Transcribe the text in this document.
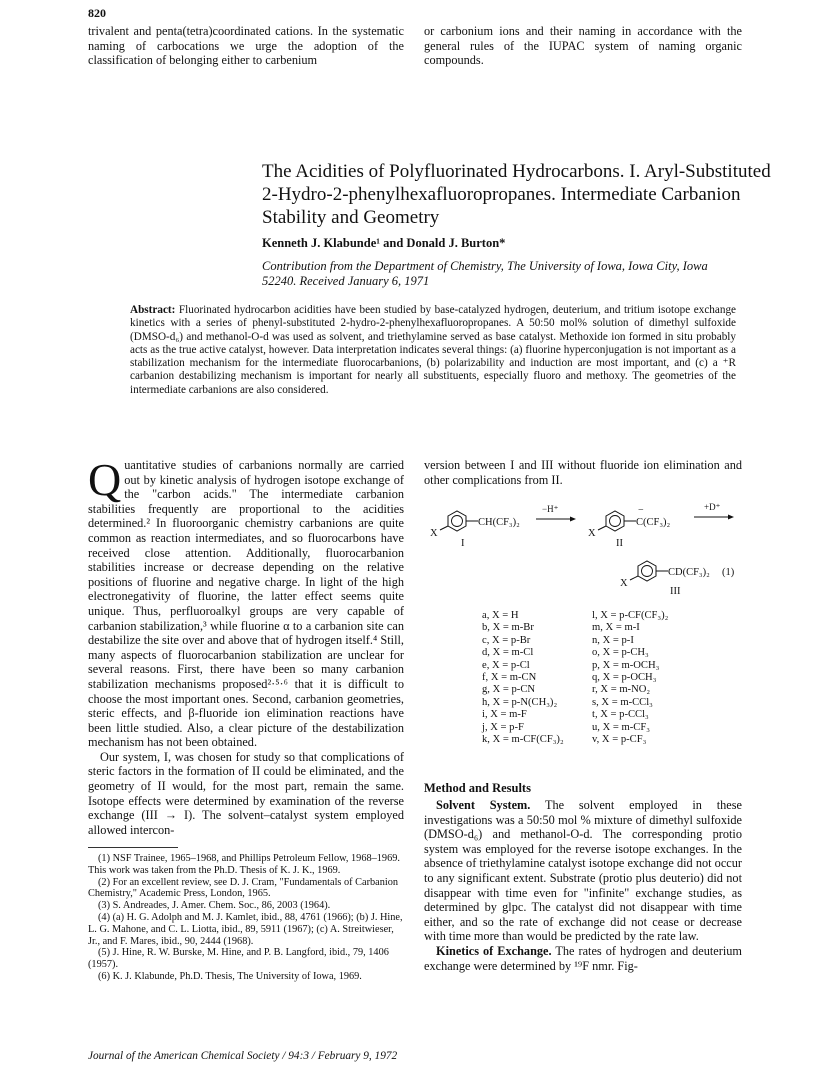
820
trivalent and penta(tetra)coordinated cations. In the systematic naming of carbocations we urge the adoption of the classification of belonging either to carbenium
or carbonium ions and their naming in accordance with the general rules of the IUPAC system of naming organic compounds.
The Acidities of Polyfluorinated Hydrocarbons. I. Aryl-Substituted 2-Hydro-2-phenylhexafluoropropanes. Intermediate Carbanion Stability and Geometry
Kenneth J. Klabunde¹ and Donald J. Burton*
Contribution from the Department of Chemistry, The University of Iowa, Iowa City, Iowa 52240. Received January 6, 1971
Abstract: Fluorinated hydrocarbon acidities have been studied by base-catalyzed hydrogen, deuterium, and tritium isotope exchange kinetics with a series of phenyl-substituted 2-hydro-2-phenylhexafluoropropanes. A 50:50 mol% solution of dimethyl sulfoxide (DMSO-d₆) and methanol-O-d was used as solvent, and triethylamine served as base catalyst. Methoxide ion formed in situ probably acts as the true active catalyst, however. Data interpretation indicates several things: (a) fluorine hyperconjugation is not important as a stabilization mechanism for the intermediate fluorocarbanions, (b) polarizability and induction are most important, and (c) a ⁺R carbanion destabilizing mechanism is important for nearly all substituents, especially fluoro and methoxy. The geometries of the intermediate carbanions are also considered.

Quantitative studies of carbanions normally are carried out by kinetic analysis of hydrogen isotope exchange of the "carbon acids." The intermediate carbanion stabilities frequently are proportional to the acidities determined.² In fluoroorganic chemistry carbanions are quite common as reaction intermediates, and so fluorocarbons have received close attention. Additionally, fluorocarbanion stabilities increase or decrease depending on the relative positions of fluorine and negative charge. In light of the high electronegativity of fluorine, the latter effect seems quite unique. Thus, perfluoroalkyl groups are very capable of carbanion stabilization,³ while fluorine α to a carbanion site can destabilize the site over and above that of hydrogen itself.⁴ Still, many aspects of fluorocarbanion stabilization are unclear for several reasons. First, there have been so many carbanion stabilization mechanisms proposed²·⁵·⁶ that it is difficult to choose the most important ones. Second, carbanion geometries, steric effects, and β-fluoride ion elimination reactions have been little studied. Also, a clear picture of the destabilization mechanism has not been obtained.

Our system, I, was chosen for study so that complications of steric factors in the formation of II could be eliminated, and the geometry of II would, for the most part, remain the same. Isotope effects were determined by examination of the reverse exchange (III → I). The solvent–catalyst system employed allowed intercon-

(1) NSF Trainee, 1965–1968, and Phillips Petroleum Fellow, 1968–1969. This work was taken from the Ph.D. Thesis of K. J. K., 1969.

(2) For an excellent review, see D. J. Cram, "Fundamentals of Carbanion Chemistry," Academic Press, London, 1965.

(3) S. Andreades, J. Amer. Chem. Soc., 86, 2003 (1964).

(4) (a) H. G. Adolph and M. J. Kamlet, ibid., 88, 4761 (1966); (b) J. Hine, L. G. Mahone, and C. L. Liotta, ibid., 89, 5911 (1967); (c) A. Streitwieser, Jr., and F. Mares, ibid., 90, 2444 (1968).

(5) J. Hine, R. W. Burske, M. Hine, and P. B. Langford, ibid., 79, 1406 (1957).

(6) K. J. Klabunde, Ph.D. Thesis, The University of Iowa, 1969.

version between I and III without fluoride ion elimination and other complications from II.
X
CH(CF₃)₂
I
−H⁺
X
−
C(CF₃)₂
II
+D⁺
X
CD(CF₃)₂ (1)
III
a, X = H
b, X = m-Br
c, X = p-Br
d, X = m-Cl
e, X = p-Cl
f, X = m-CN
g, X = p-CN
h, X = p-N(CH₃)₂
i, X = m-F
j, X = p-F
k, X = m-CF(CF₃)₂
l, X = p-CF(CF₃)₂
m, X = m-I
n, X = p-I
o, X = p-CH₃
p, X = m-OCH₃
q, X = p-OCH₃
r, X = m-NO₂
s, X = m-CCl₃
t, X = p-CCl₃
u, X = m-CF₃
v, X = p-CF₃
Method and Results

Solvent System. The solvent employed in these investigations was a 50:50 mol % mixture of dimethyl sulfoxide (DMSO-d₆) and methanol-O-d. The corresponding protio system was employed for the reverse isotope exchanges. In the absence of triethylamine catalyst isotope exchange did not occur to any significant extent. Substrate (protio plus deuterio) did not disappear with time even for "infinite" exchange studies, as determined by glpc. The catalyst did not disappear with time either, and so the rate of exchange did not cease or decrease with time more than would be predicted by the rate law.

Kinetics of Exchange. The rates of hydrogen and deuterium exchange were determined by ¹⁹F nmr. Fig-

Journal of the American Chemical Society / 94:3 / February 9, 1972
